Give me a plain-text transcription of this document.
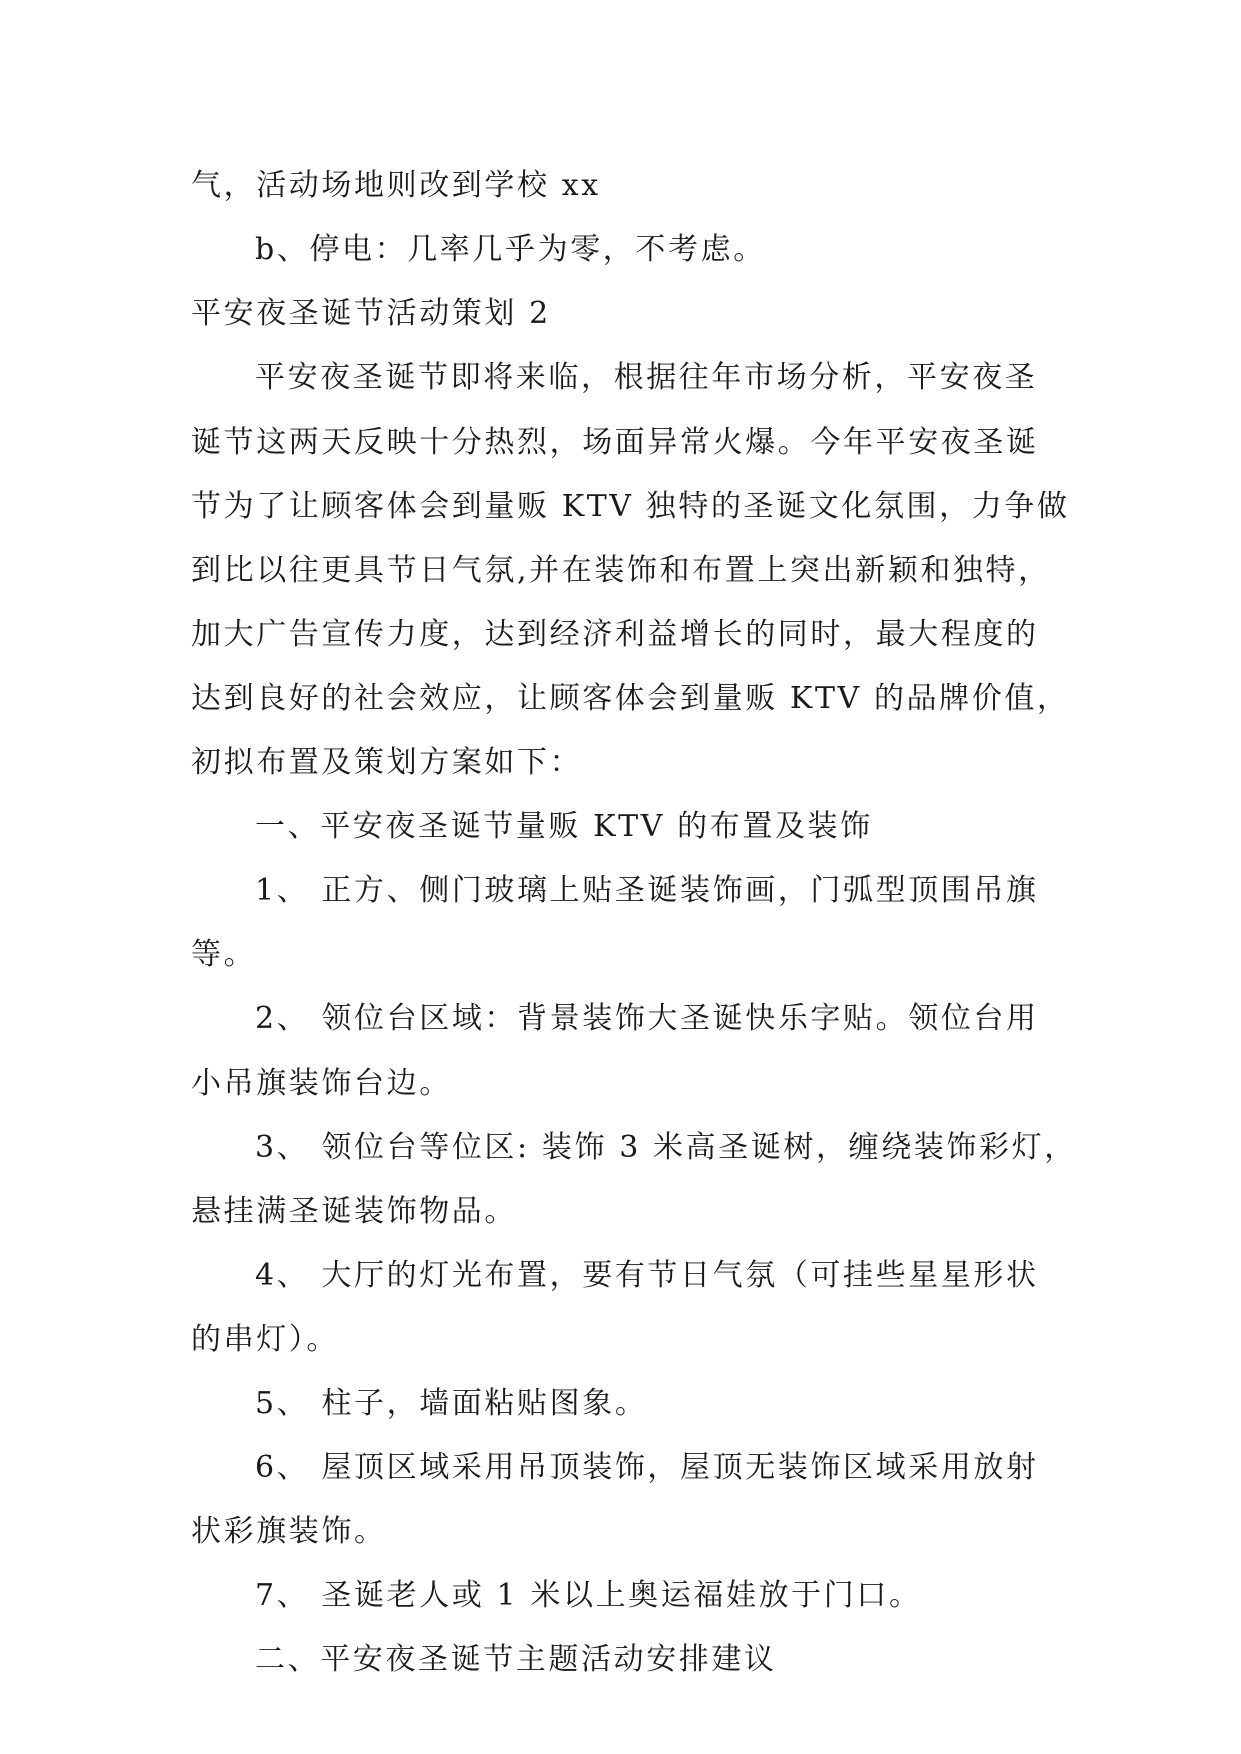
气，活动场地则改到学校 xx
b、停电：几率几乎为零，不考虑。
平安夜圣诞节活动策划 2
平安夜圣诞节即将来临，根据往年市场分析，平安夜圣
诞节这两天反映十分热烈，场面异常火爆。今年平安夜圣诞
节为了让顾客体会到量贩 KTV 独特的圣诞文化氛围，力争做
到比以往更具节日气氛,并在装饰和布置上突出新颖和独特，
加大广告宣传力度，达到经济利益增长的同时，最大程度的
达到良好的社会效应，让顾客体会到量贩 KTV 的品牌价值，
初拟布置及策划方案如下：
一、平安夜圣诞节量贩 KTV 的布置及装饰
1、 正方、侧门玻璃上贴圣诞装饰画，门弧型顶围吊旗
等。
2、 领位台区域：背景装饰大圣诞快乐字贴。领位台用
小吊旗装饰台边。
3、 领位台等位区: 装饰 3 米高圣诞树，缠绕装饰彩灯，
悬挂满圣诞装饰物品。
4、 大厅的灯光布置，要有节日气氛（可挂些星星形状
的串灯）。
5、 柱子，墙面粘贴图象。
6、 屋顶区域采用吊顶装饰，屋顶无装饰区域采用放射
状彩旗装饰。
7、 圣诞老人或 1 米以上奥运福娃放于门口。
二、平安夜圣诞节主题活动安排建议
